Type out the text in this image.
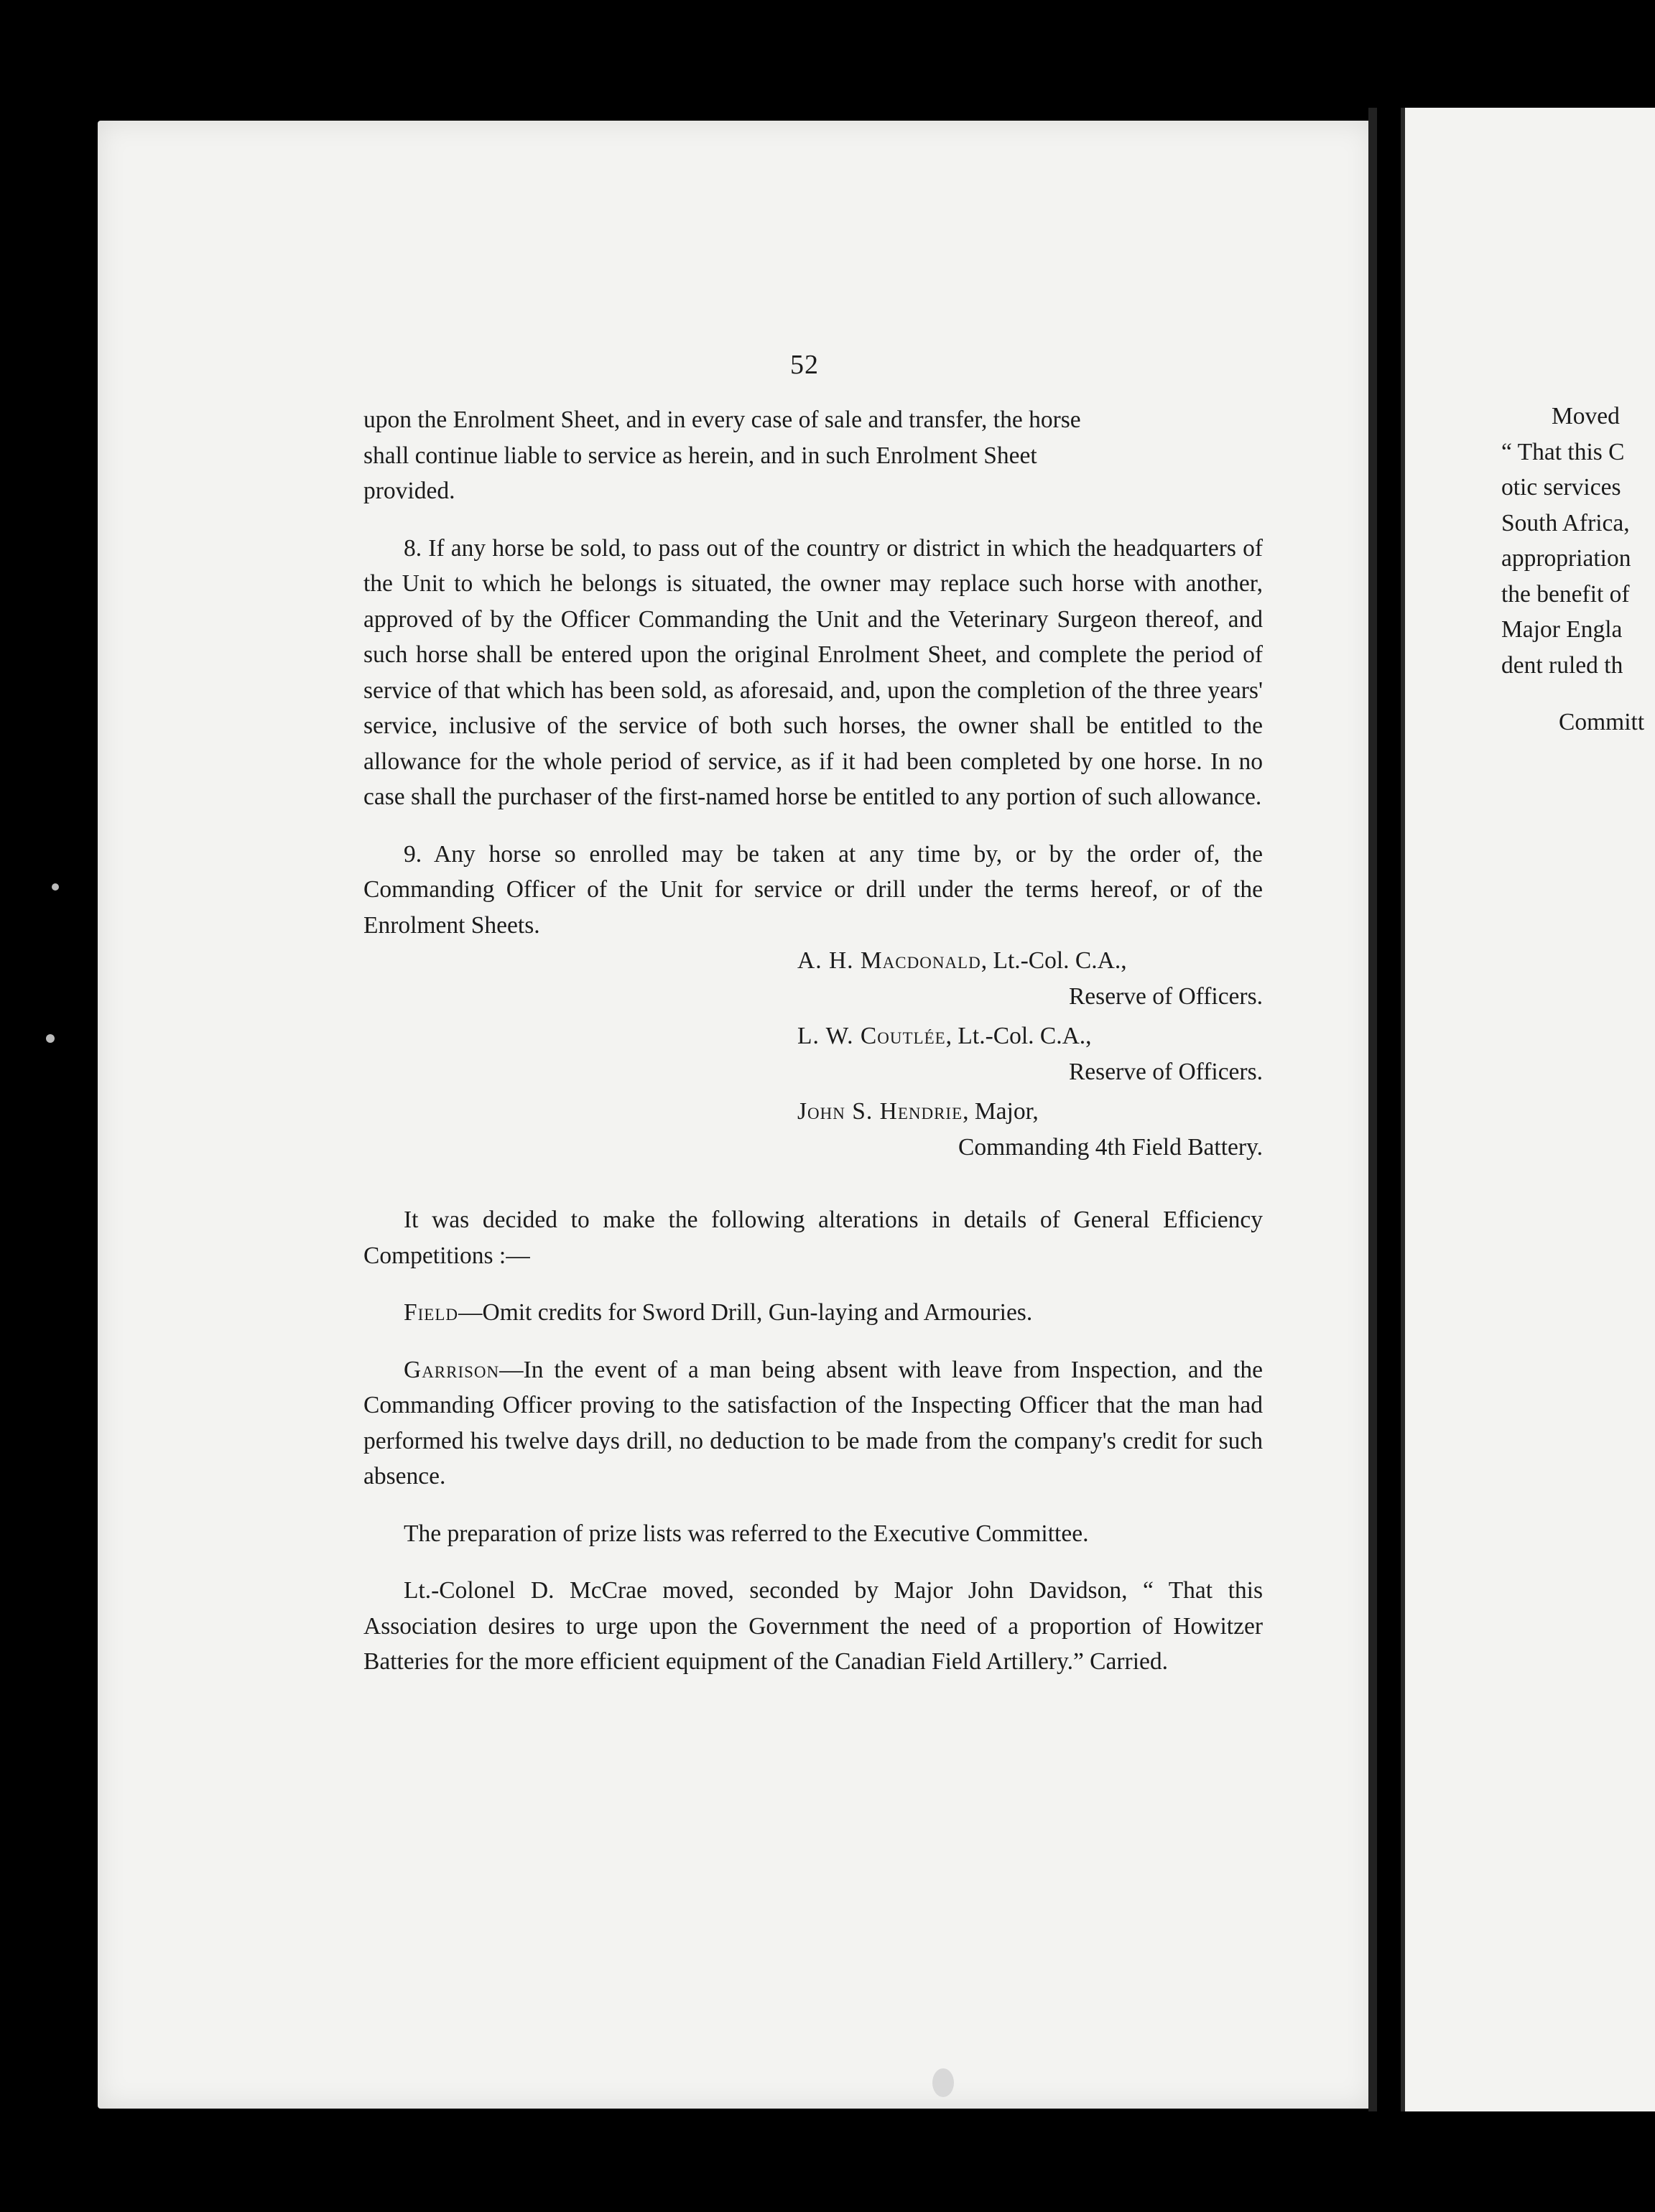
52

upon the Enrolment Sheet, and in every case of sale and transfer, the horse

shall continue liable to service as herein, and in such Enrolment Sheet

provided.

8. If any horse be sold, to pass out of the country or district in which the headquarters of the Unit to which he belongs is situated, the owner may replace such horse with another, approved of by the Officer Commanding the Unit and the Veterinary Surgeon thereof, and such horse shall be entered upon the original Enrolment Sheet, and complete the period of service of that which has been sold, as aforesaid, and, upon the completion of the three years' service, inclusive of the service of both such horses, the owner shall be entitled to the allowance for the whole period of service, as if it had been completed by one horse. In no case shall the purchaser of the first-named horse be entitled to any portion of such allowance.

9. Any horse so enrolled may be taken at any time by, or by the order of, the Commanding Officer of the Unit for service or drill under the terms hereof, or of the Enrolment Sheets.

A. H. Macdonald, Lt.-Col. C.A.,
Reserve of Officers.
L. W. Coutlée, Lt.-Col. C.A.,
Reserve of Officers.
John S. Hendrie, Major,
Commanding 4th Field Battery.

It was decided to make the following alterations in details of General Efficiency Competitions :—

Field—Omit credits for Sword Drill, Gun-laying and Armouries.

Garrison—In the event of a man being absent with leave from Inspection, and the Commanding Officer proving to the satisfaction of the Inspecting Officer that the man had performed his twelve days drill, no deduction to be made from the company's credit for such absence.

The preparation of prize lists was referred to the Executive Committee.

Lt.-Colonel D. McCrae moved, seconded by Major John Davidson, “ That this Association desires to urge upon the Government the need of a proportion of Howitzer Batteries for the more efficient equipment of the Canadian Field Artillery.” Carried.

Moved
“ That this C
otic services
South Africa,
appropriation
the benefit of
Major Engla
dent ruled th
Committ
